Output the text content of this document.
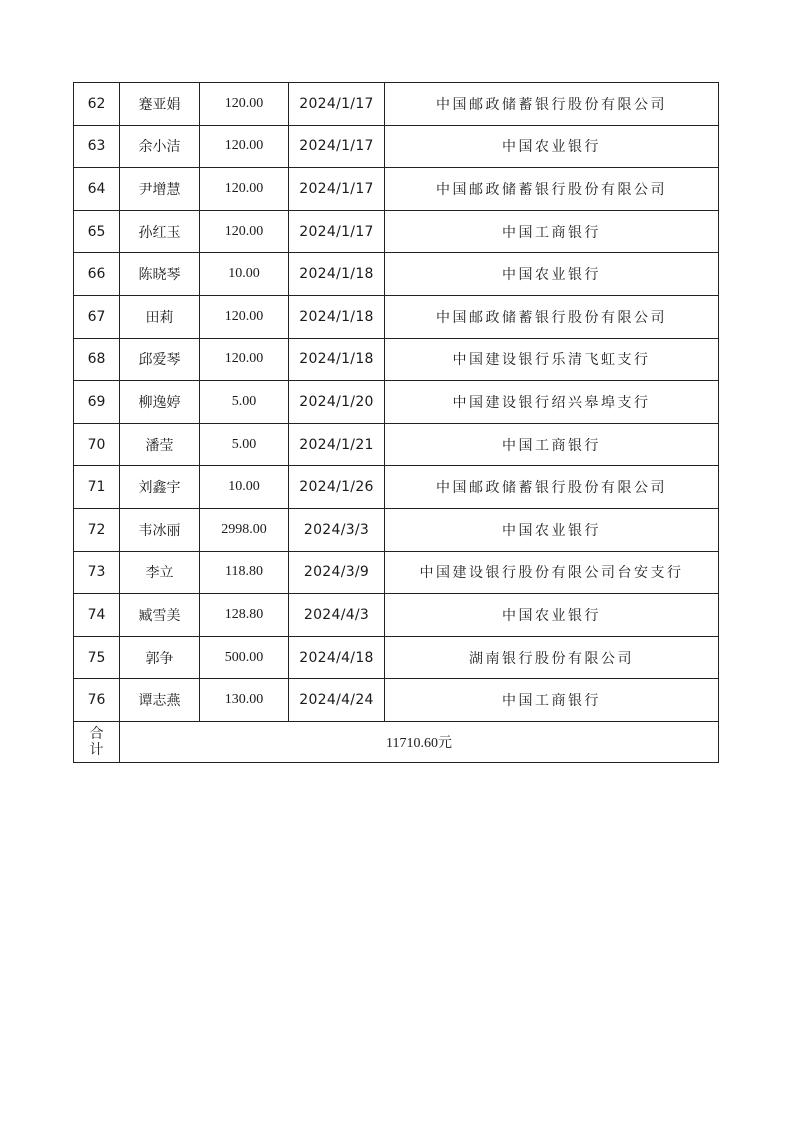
62	蹇亚娟	120.00	2024/1/17	中国邮政储蓄银行股份有限公司
63	余小洁	120.00	2024/1/17	中国农业银行
64	尹增慧	120.00	2024/1/17	中国邮政储蓄银行股份有限公司
65	孙红玉	120.00	2024/1/17	中国工商银行
66	陈晓琴	10.00	2024/1/18	中国农业银行
67	田莉	120.00	2024/1/18	中国邮政储蓄银行股份有限公司
68	邱爱琴	120.00	2024/1/18	中国建设银行乐清飞虹支行
69	柳逸婷	5.00	2024/1/20	中国建设银行绍兴皋埠支行
70	潘莹	5.00	2024/1/21	中国工商银行
71	刘鑫宇	10.00	2024/1/26	中国邮政储蓄银行股份有限公司
72	韦冰丽	2998.00	2024/3/3	中国农业银行
73	李立	118.80	2024/3/9	中国建设银行股份有限公司台安支行
74	臧雪美	128.80	2024/4/3	中国农业银行
75	郭争	500.00	2024/4/18	湖南银行股份有限公司
76	谭志燕	130.00	2024/4/24	中国工商银行
合
计	11710.60元			
